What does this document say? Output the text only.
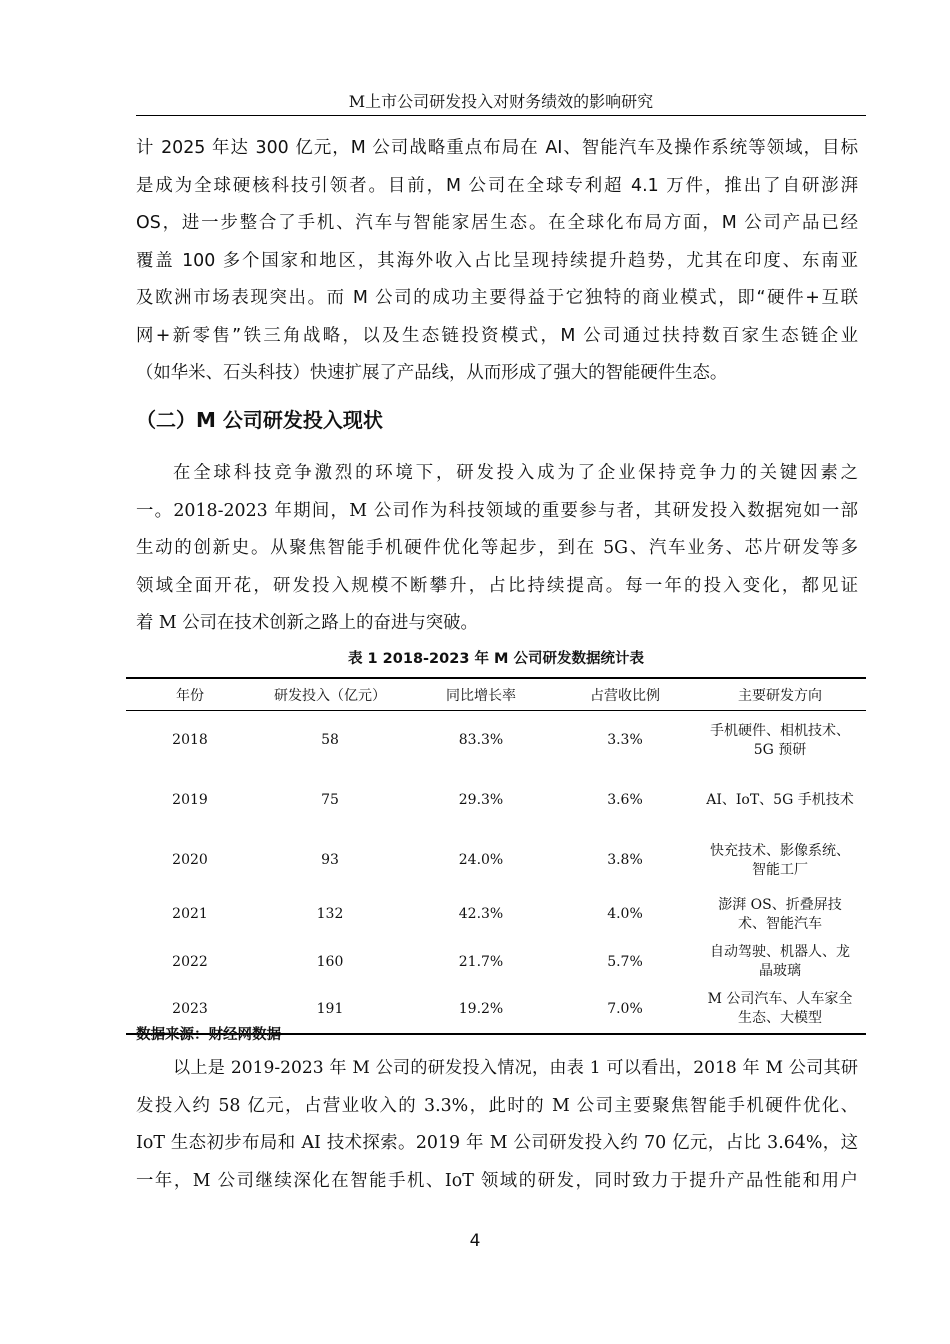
M上市公司研发投入对财务绩效的影响研究
计 2025 年达 300 亿元，M 公司战略重点布局在 AI、智能汽车及操作系统等领域，目标
是成为全球硬核科技引领者。目前，M 公司在全球专利超 4.1 万件，推出了自研澎湃
OS，进一步整合了手机、汽车与智能家居生态。在全球化布局方面，M 公司产品已经
覆盖 100 多个国家和地区，其海外收入占比呈现持续提升趋势，尤其在印度、东南亚
及欧洲市场表现突出。而 M 公司的成功主要得益于它独特的商业模式，即“硬件+互联
网+新零售”铁三角战略，以及生态链投资模式，M 公司通过扶持数百家生态链企业
（如华米、石头科技）快速扩展了产品线，从而形成了强大的智能硬件生态。
（二）M 公司研发投入现状
在全球科技竞争激烈的环境下，研发投入成为了企业保持竞争力的关键因素之
一。2018-2023 年期间，M 公司作为科技领域的重要参与者，其研发投入数据宛如一部
生动的创新史。从聚焦智能手机硬件优化等起步，到在 5G、汽车业务、芯片研发等多
领域全面开花，研发投入规模不断攀升，占比持续提高。每一年的投入变化，都见证
着 M 公司在技术创新之路上的奋进与突破。
表 1 2018-2023 年 M 公司研发数据统计表
年份	研发投入（亿元）	同比增长率	占营收比例	主要研发方向
2018	58	83.3%	3.3%	手机硬件、相机技术、5G 预研
2019	75	29.3%	3.6%	AI、IoT、5G 手机技术
2020	93	24.0%	3.8%	快充技术、影像系统、智能工厂
2021	132	42.3%	4.0%	澎湃 OS、折叠屏技术、智能汽车
2022	160	21.7%	5.7%	自动驾驶、机器人、龙晶玻璃
2023	191	19.2%	7.0%	M 公司汽车、人车家全生态、大模型
数据来源：财经网数据
以上是 2019-2023 年 M 公司的研发投入情况，由表 1 可以看出，2018 年 M 公司其研
发投入约 58 亿元，占营业收入的 3.3%，此时的 M 公司主要聚焦智能手机硬件优化、
IoT 生态初步布局和 AI 技术探索。2019 年 M 公司研发投入约 70 亿元，占比 3.64%，这
一年，M 公司继续深化在智能手机、IoT 领域的研发，同时致力于提升产品性能和用户
4
